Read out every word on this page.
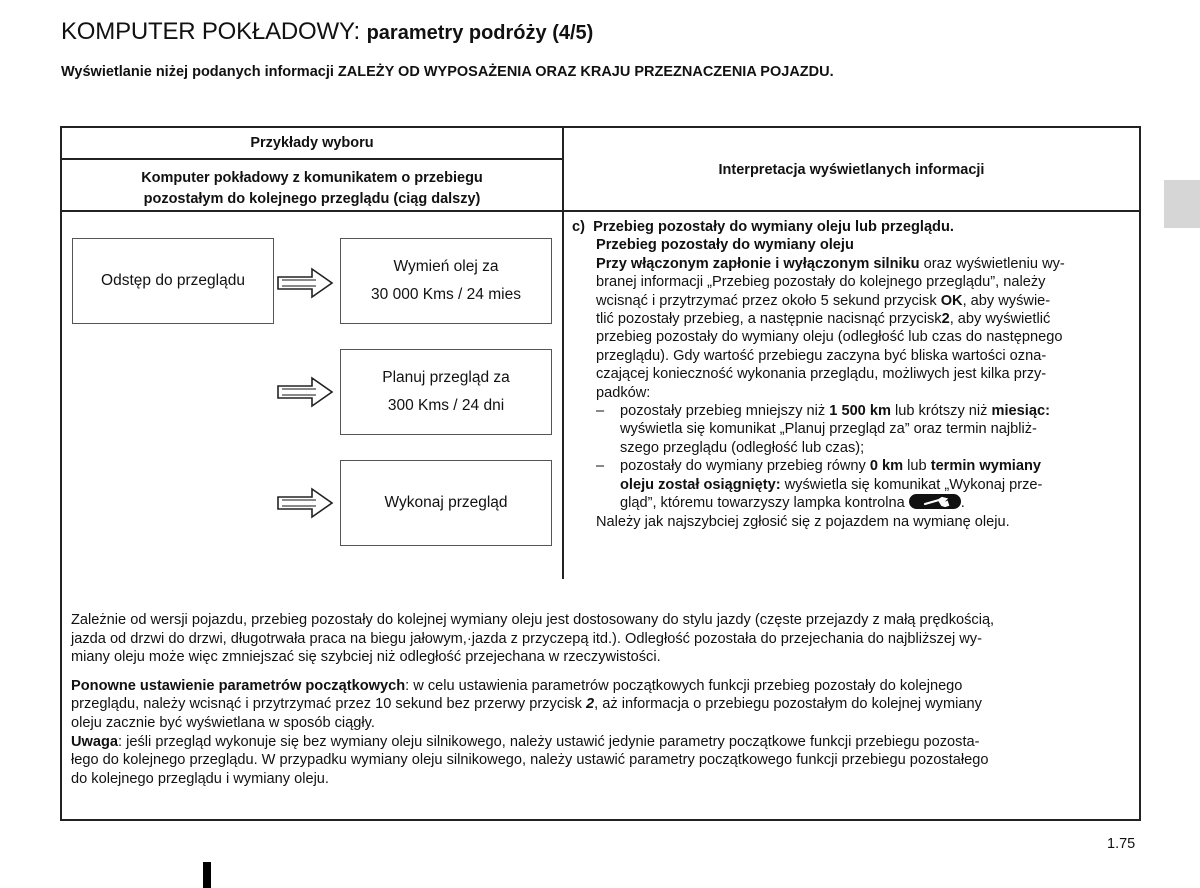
KOMPUTER POKŁADOWY: parametry podróży (4/5)
Wyświetlanie niżej podanych informacji ZALEŻY OD WYPOSAŻENIA ORAZ KRAJU PRZEZNACZENIA POJAZDU.
Przykłady wyboru
Komputer pokładowy z komunikatem o przebiegu
pozostałym do kolejnego przeglądu (ciąg dalszy)
Interpretacja wyświetlanych informacji
Odstęp do przeglądu
Wymień olej za
30 000 Kms / 24 mies
Planuj przegląd za
300 Kms / 24 dni
Wykonaj przegląd
c) Przebieg pozostały do wymiany oleju lub przeglądu.
Przebieg pozostały do wymiany oleju
Przy włączonym zapłonie i wyłączonym silniku oraz wyświetleniu wy-
branej informacji „Przebieg pozostały do kolejnego przeglądu”, należy
wcisnąć i przytrzymać przez około 5 sekund przycisk OK, aby wyświe-
tlić pozostały przebieg, a następnie nacisnąć przycisk2, aby wyświetlić
przebieg pozostały do wymiany oleju (odległość lub czas do następnego
przeglądu). Gdy wartość przebiegu zaczyna być bliska wartości ozna-
czającej konieczność wykonania przeglądu, możliwych jest kilka przy-
padków:
– pozostały przebieg mniejszy niż 1 500 km lub krótszy niż miesiąc:
wyświetla się komunikat „Planuj przegląd za” oraz termin najbliż-
szego przeglądu (odległość lub czas);
– pozostały do wymiany przebieg równy 0 km lub termin wymiany
oleju został osiągnięty: wyświetla się komunikat „Wykonaj prze-
gląd”, któremu towarzyszy lampka kontrolna	.
Należy jak najszybciej zgłosić się z pojazdem na wymianę oleju.

Zależnie od wersji pojazdu, przebieg pozostały do kolejnej wymiany oleju jest dostosowany do stylu jazdy (częste przejazdy z małą prędkością,

jazda od drzwi do drzwi, długotrwała praca na biegu jałowym,·jazda z przyczepą itd.). Odległość pozostała do przejechania do najbliższej wy-

miany oleju może więc zmniejszać się szybciej niż odległość przejechana w rzeczywistości.

Ponowne ustawienie parametrów początkowych: w celu ustawienia parametrów początkowych funkcji przebieg pozostały do kolejnego

przeglądu, należy wcisnąć i przytrzymać przez 10 sekund bez przerwy przycisk 2, aż informacja o przebiegu pozostałym do kolejnej wymiany

oleju zacznie być wyświetlana w sposób ciągły.

Uwaga: jeśli przegląd wykonuje się bez wymiany oleju silnikowego, należy ustawić jedynie parametry początkowe funkcji przebiegu pozosta-

łego do kolejnego przeglądu. W przypadku wymiany oleju silnikowego, należy ustawić parametry początkowego funkcji przebiegu pozostałego

do kolejnego przeglądu i wymiany oleju.

1.75
